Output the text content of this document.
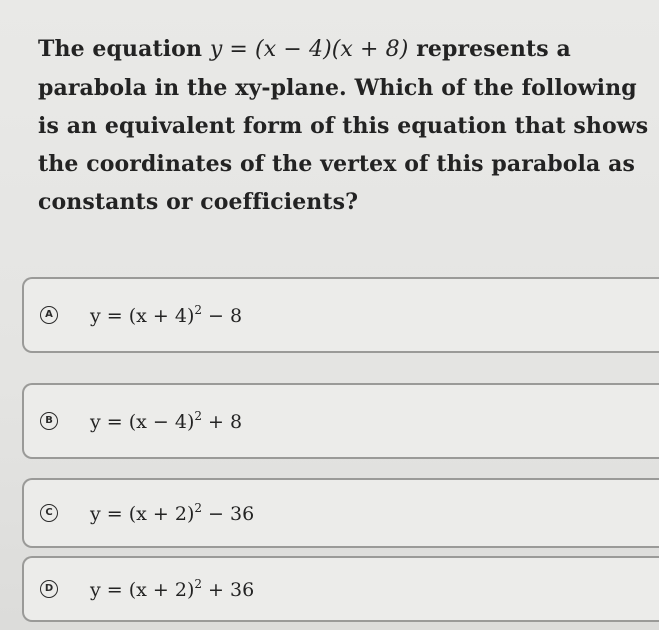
The equation y = (x − 4)(x + 8) represents a
parabola in the xy-plane. Which of the following
is an equivalent form of this equation that shows
the coordinates of the vertex of this parabola as
constants or coefficients?
A $y = (x + 4)^2 - 8$
B $y = (x - 4)^2 + 8$
C $y = (x + 2)^2 - 36$
D $y = (x + 2)^2 + 36$
